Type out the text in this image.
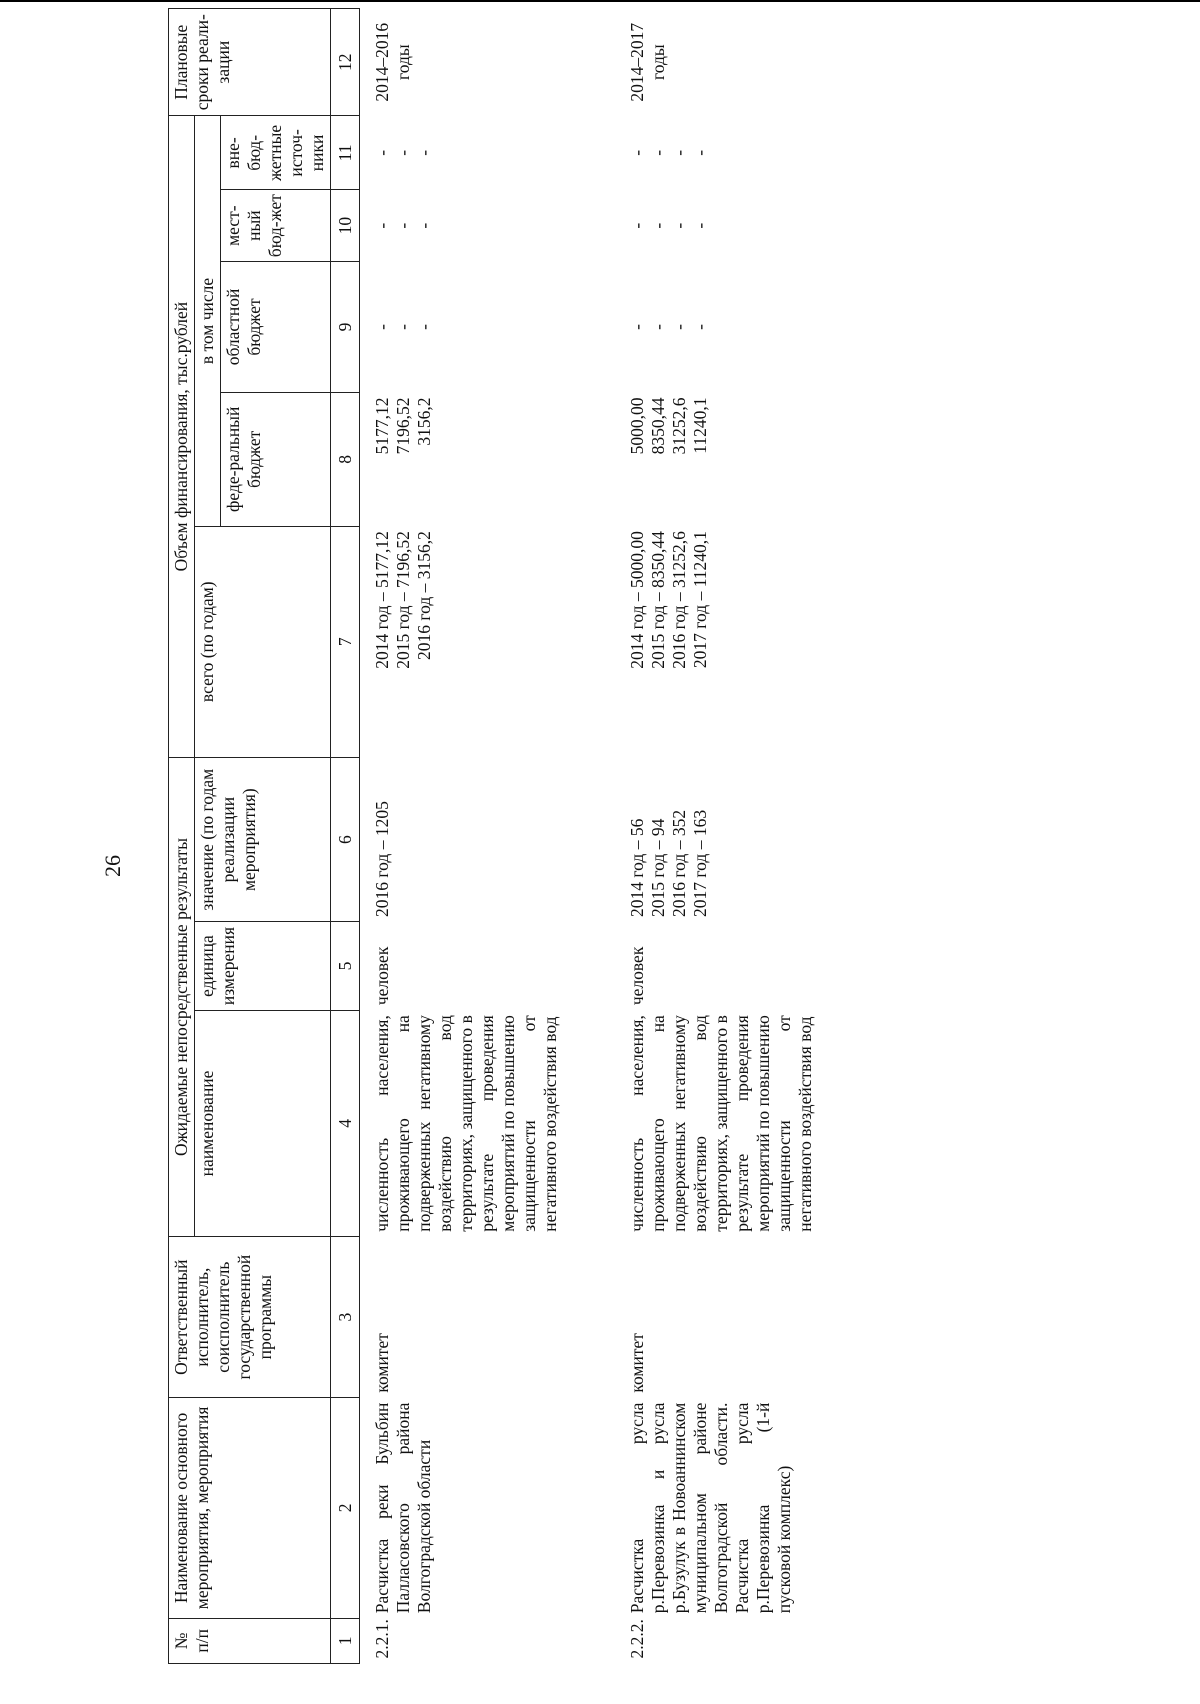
26
№
п/п	Наименование основного мероприятия, мероприятия	Ответственный исполнитель, соисполнитель государственной программы	Ожидаемые непосредственные результаты			Объем финансирования, тыс.рублей					Плановые сроки реали-зации
			наименование	единица измерения	значение (по годам реализации мероприятия)	всего (по годам)	в том числе				
							феде-ральный бюджет	областной бюджет	мест-ный бюд-жет	вне-бюд-жетные источ-ники	
1	2	3	4	5	6	7	8	9	10	11	12
2.2.1.	Расчистка реки Бульбин Палласовского района Волгоградской области	комитет	численность населения, проживающего на подверженных негативному воздействию вод территориях, защищенного в результате проведения мероприятий по повышению защищенности от негативного воздействия вод	человек	2016 год – 1205	2014 год – 5177,12 2015 год – 7196,52 2016 год – 3156,2	5177,12 7196,52 3156,2	- - -	- - -	- - -	2014–2016 годы

2.2.2.	Расчистка русла р.Перевозинка и русла р.Бузулук в Новоаннинском муниципальном районе Волгоградской области. Расчистка русла р.Перевозинка (1-й пусковой комплекс)	комитет	численность населения, проживающего на подверженных негативному воздействию вод территориях, защищенного в результате проведения мероприятий по повышению защищенности от негативного воздействия вод	человек	2014 год – 56 2015 год – 94 2016 год – 352 2017 год – 163	2014 год – 5000,00 2015 год – 8350,44 2016 год – 31252,6 2017 год – 11240,1	5000,00 8350,44 31252,6 11240,1	- - - -	- - - -	- - - -	2014–2017 годы
